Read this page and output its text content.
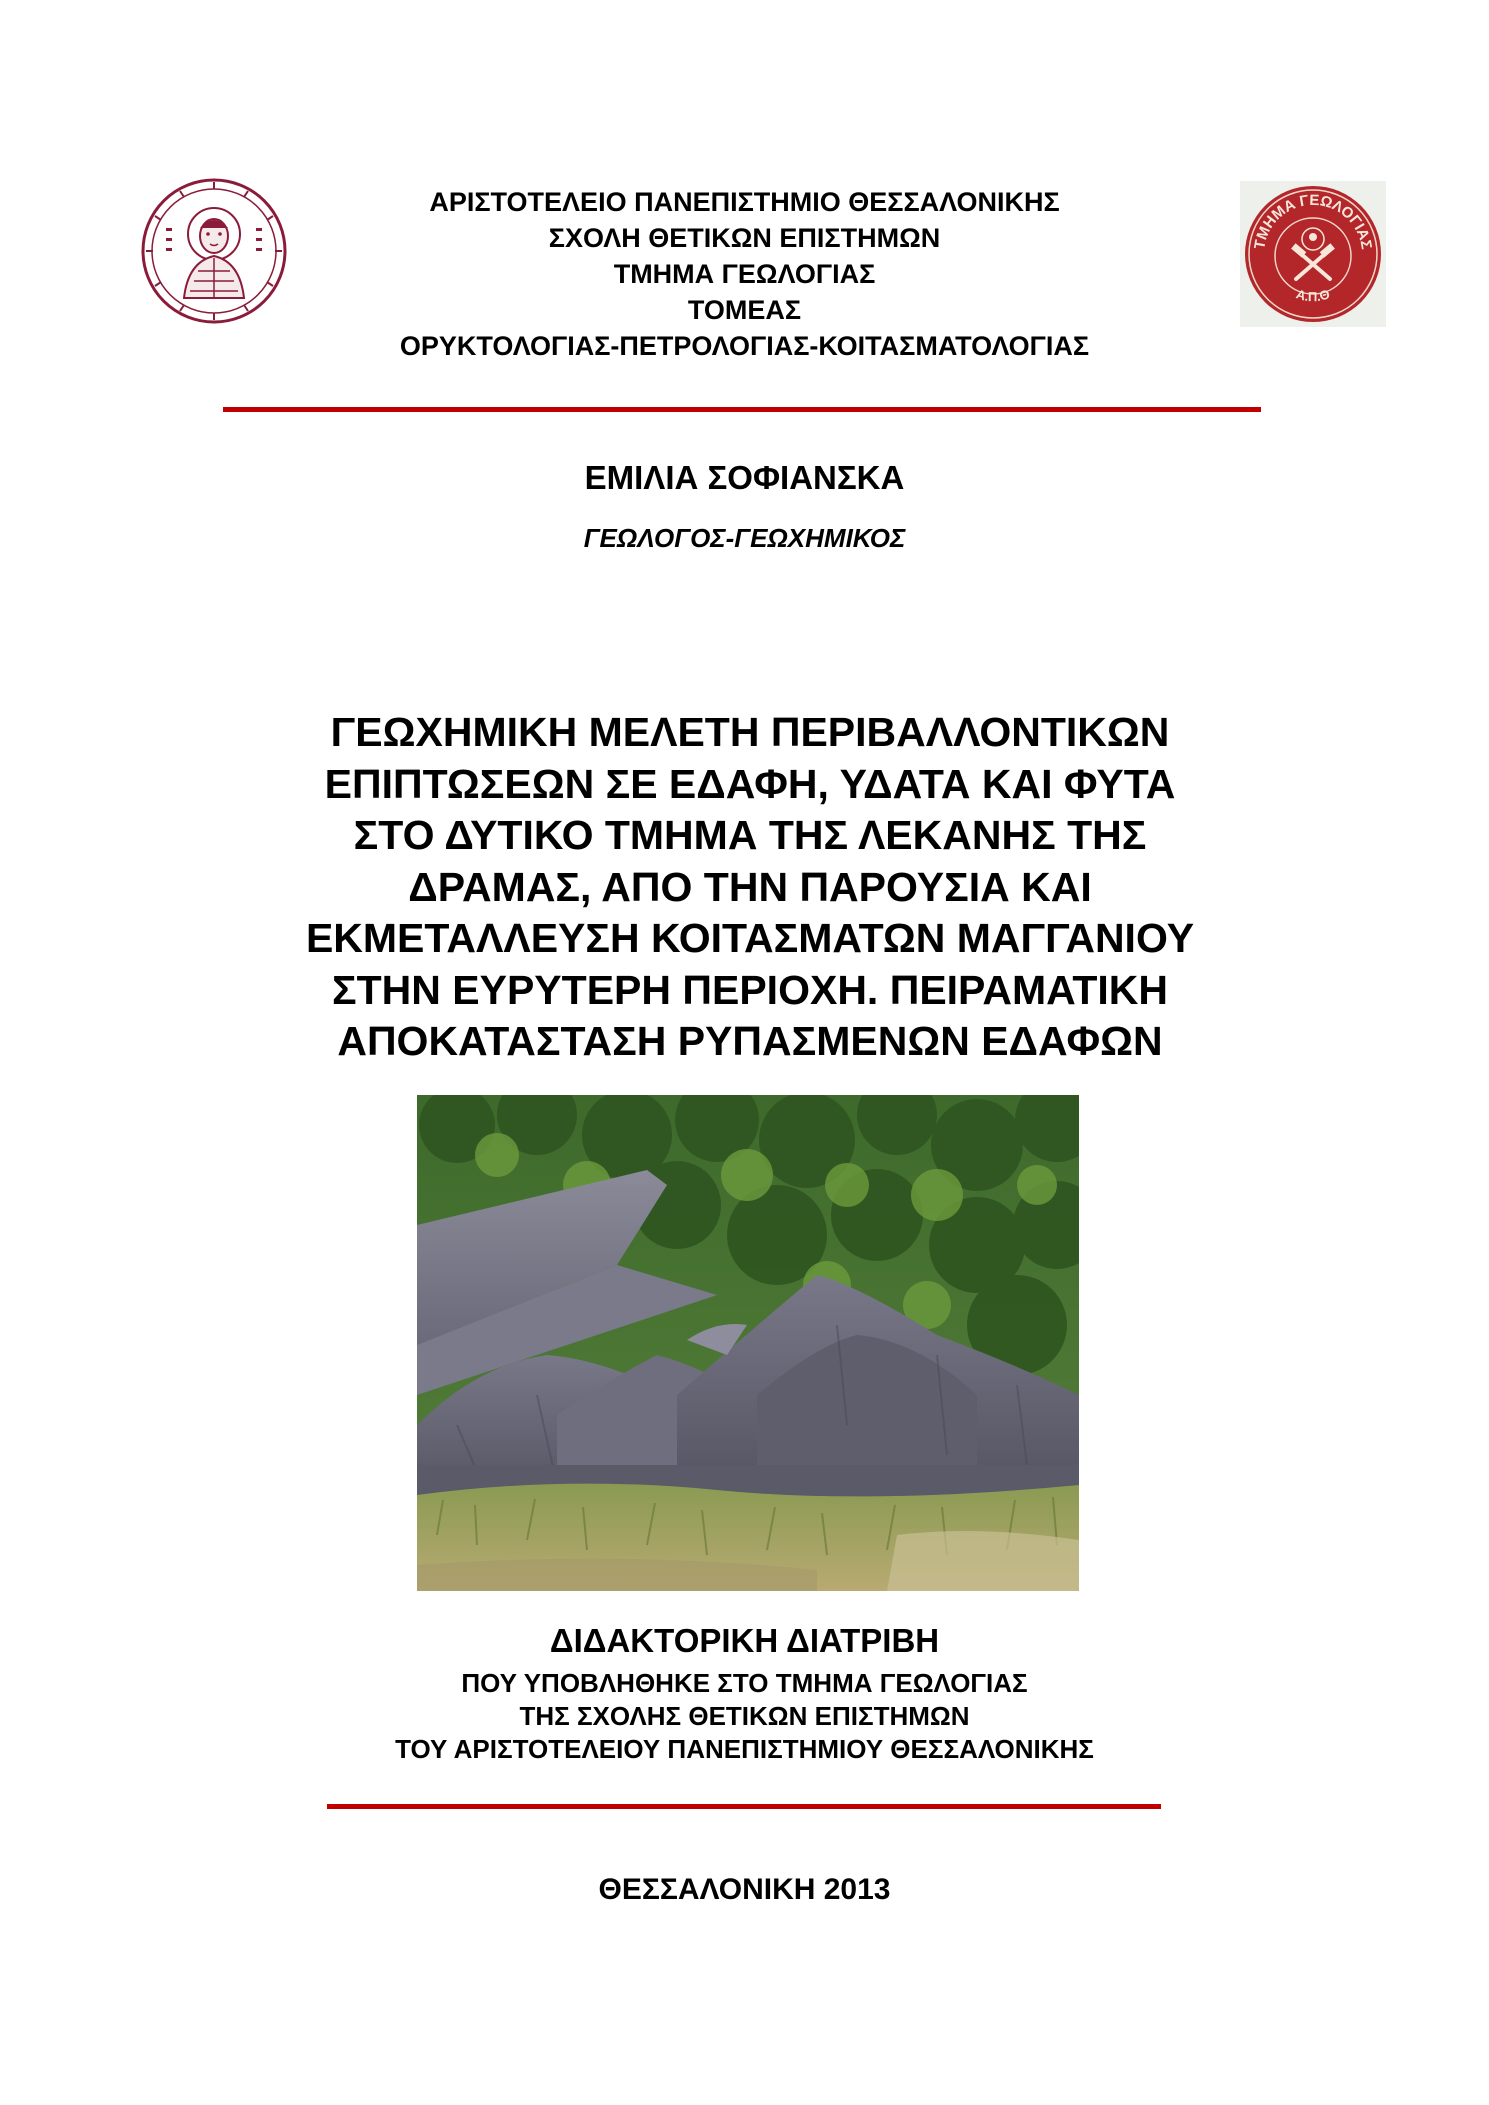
ΑΡΙΣΤΟΤΕΛΕΙΟ ΠΑΝΕΠΙΣΤΗΜΙΟ ΘΕΣΣΑΛΟΝΙΚΗΣ
ΣΧΟΛΗ ΘΕΤΙΚΩΝ ΕΠΙΣΤΗΜΩΝ
ΤΜΗΜΑ ΓΕΩΛΟΓΙΑΣ
ΤΟΜΕΑΣ
ΟΡΥΚΤΟΛΟΓΙΑΣ-ΠΕΤΡΟΛΟΓΙΑΣ-ΚΟΙΤΑΣΜΑΤΟΛΟΓΙΑΣ
ΤΜΗΜΑ ΓΕΩΛΟΓΙΑΣ
Α.Π.Θ
ΕΜΙΛΙΑ ΣΟΦΙΑΝΣΚΑ
ΓΕΩΛΟΓΟΣ-ΓΕΩΧΗΜΙΚΟΣ
ΓΕΩΧΗΜΙΚΗ ΜΕΛΕΤΗ ΠΕΡΙΒΑΛΛΟΝΤΙΚΩΝ
ΕΠΙΠΤΩΣΕΩΝ ΣΕ ΕΔΑΦΗ, ΥΔΑΤΑ ΚΑΙ ΦΥΤΑ
ΣΤΟ ΔΥΤΙΚΟ ΤΜΗΜΑ ΤΗΣ ΛΕΚΑΝΗΣ ΤΗΣ
ΔΡΑΜΑΣ, ΑΠΟ ΤΗΝ ΠΑΡΟΥΣΙΑ ΚΑΙ
ΕΚΜΕΤΑΛΛΕΥΣΗ ΚΟΙΤΑΣΜΑΤΩΝ ΜΑΓΓΑΝΙΟΥ
ΣΤΗΝ ΕΥΡΥΤΕΡΗ ΠΕΡΙΟΧΗ. ΠΕΙΡΑΜΑΤΙΚΗ
ΑΠΟΚΑΤΑΣΤΑΣΗ ΡΥΠΑΣΜΕΝΩΝ ΕΔΑΦΩΝ
ΔΙΔΑΚΤΟΡΙΚΗ ΔΙΑΤΡΙΒΗ
ΠΟΥ ΥΠΟΒΛΗΘΗΚΕ ΣΤΟ ΤΜΗΜΑ ΓΕΩΛΟΓΙΑΣ
ΤΗΣ ΣΧΟΛΗΣ ΘΕΤΙΚΩΝ ΕΠΙΣΤΗΜΩΝ
ΤΟΥ ΑΡΙΣΤΟΤΕΛΕΙΟΥ ΠΑΝΕΠΙΣΤΗΜΙΟΥ ΘΕΣΣΑΛΟΝΙΚΗΣ
ΘΕΣΣΑΛΟΝΙΚΗ 2013
